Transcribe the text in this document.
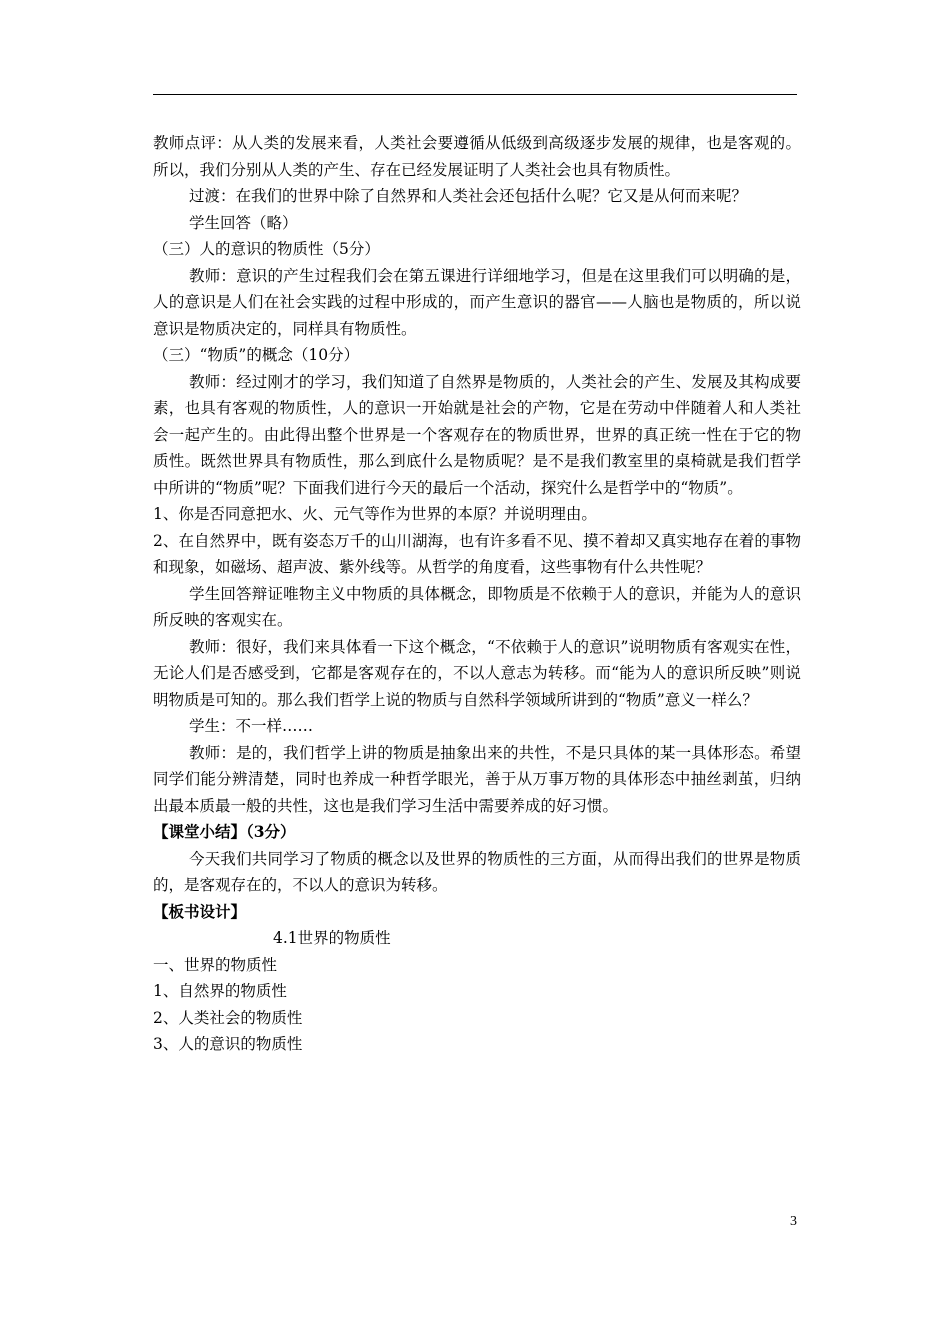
教师点评：从人类的发展来看，人类社会要遵循从低级到高级逐步发展的规律，也是客观的。所以，我们分别从人类的产生、存在已经发展证明了人类社会也具有物质性。

过渡：在我们的世界中除了自然界和人类社会还包括什么呢？它又是从何而来呢？

学生回答（略）

（三）人的意识的物质性（5分）

教师：意识的产生过程我们会在第五课进行详细地学习，但是在这里我们可以明确的是，人的意识是人们在社会实践的过程中形成的，而产生意识的器官——人脑也是物质的，所以说意识是物质决定的，同样具有物质性。

（三）“物质”的概念（10分）

教师：经过刚才的学习，我们知道了自然界是物质的，人类社会的产生、发展及其构成要素，也具有客观的物质性，人的意识一开始就是社会的产物，它是在劳动中伴随着人和人类社会一起产生的。由此得出整个世界是一个客观存在的物质世界，世界的真正统一性在于它的物质性。既然世界具有物质性，那么到底什么是物质呢？是不是我们教室里的桌椅就是我们哲学中所讲的“物质”呢？下面我们进行今天的最后一个活动，探究什么是哲学中的“物质”。

1、你是否同意把水、火、元气等作为世界的本原？并说明理由。

2、在自然界中，既有姿态万千的山川湖海，也有许多看不见、摸不着却又真实地存在着的事物和现象，如磁场、超声波、紫外线等。从哲学的角度看，这些事物有什么共性呢？

学生回答辩证唯物主义中物质的具体概念，即物质是不依赖于人的意识，并能为人的意识所反映的客观实在。

教师：很好，我们来具体看一下这个概念，“不依赖于人的意识”说明物质有客观实在性，无论人们是否感受到，它都是客观存在的，不以人意志为转移。而“能为人的意识所反映”则说明物质是可知的。那么我们哲学上说的物质与自然科学领域所讲到的“物质”意义一样么？

学生：不一样……

教师：是的，我们哲学上讲的物质是抽象出来的共性，不是只具体的某一具体形态。希望同学们能分辨清楚，同时也养成一种哲学眼光，善于从万事万物的具体形态中抽丝剥茧，归纳出最本质最一般的共性，这也是我们学习生活中需要养成的好习惯。

【课堂小结】（3分）

今天我们共同学习了物质的概念以及世界的物质性的三方面，从而得出我们的世界是物质的，是客观存在的，不以人的意识为转移。

【板书设计】

4.1世界的物质性

一、世界的物质性

1、自然界的物质性

2、人类社会的物质性

3、人的意识的物质性

3
